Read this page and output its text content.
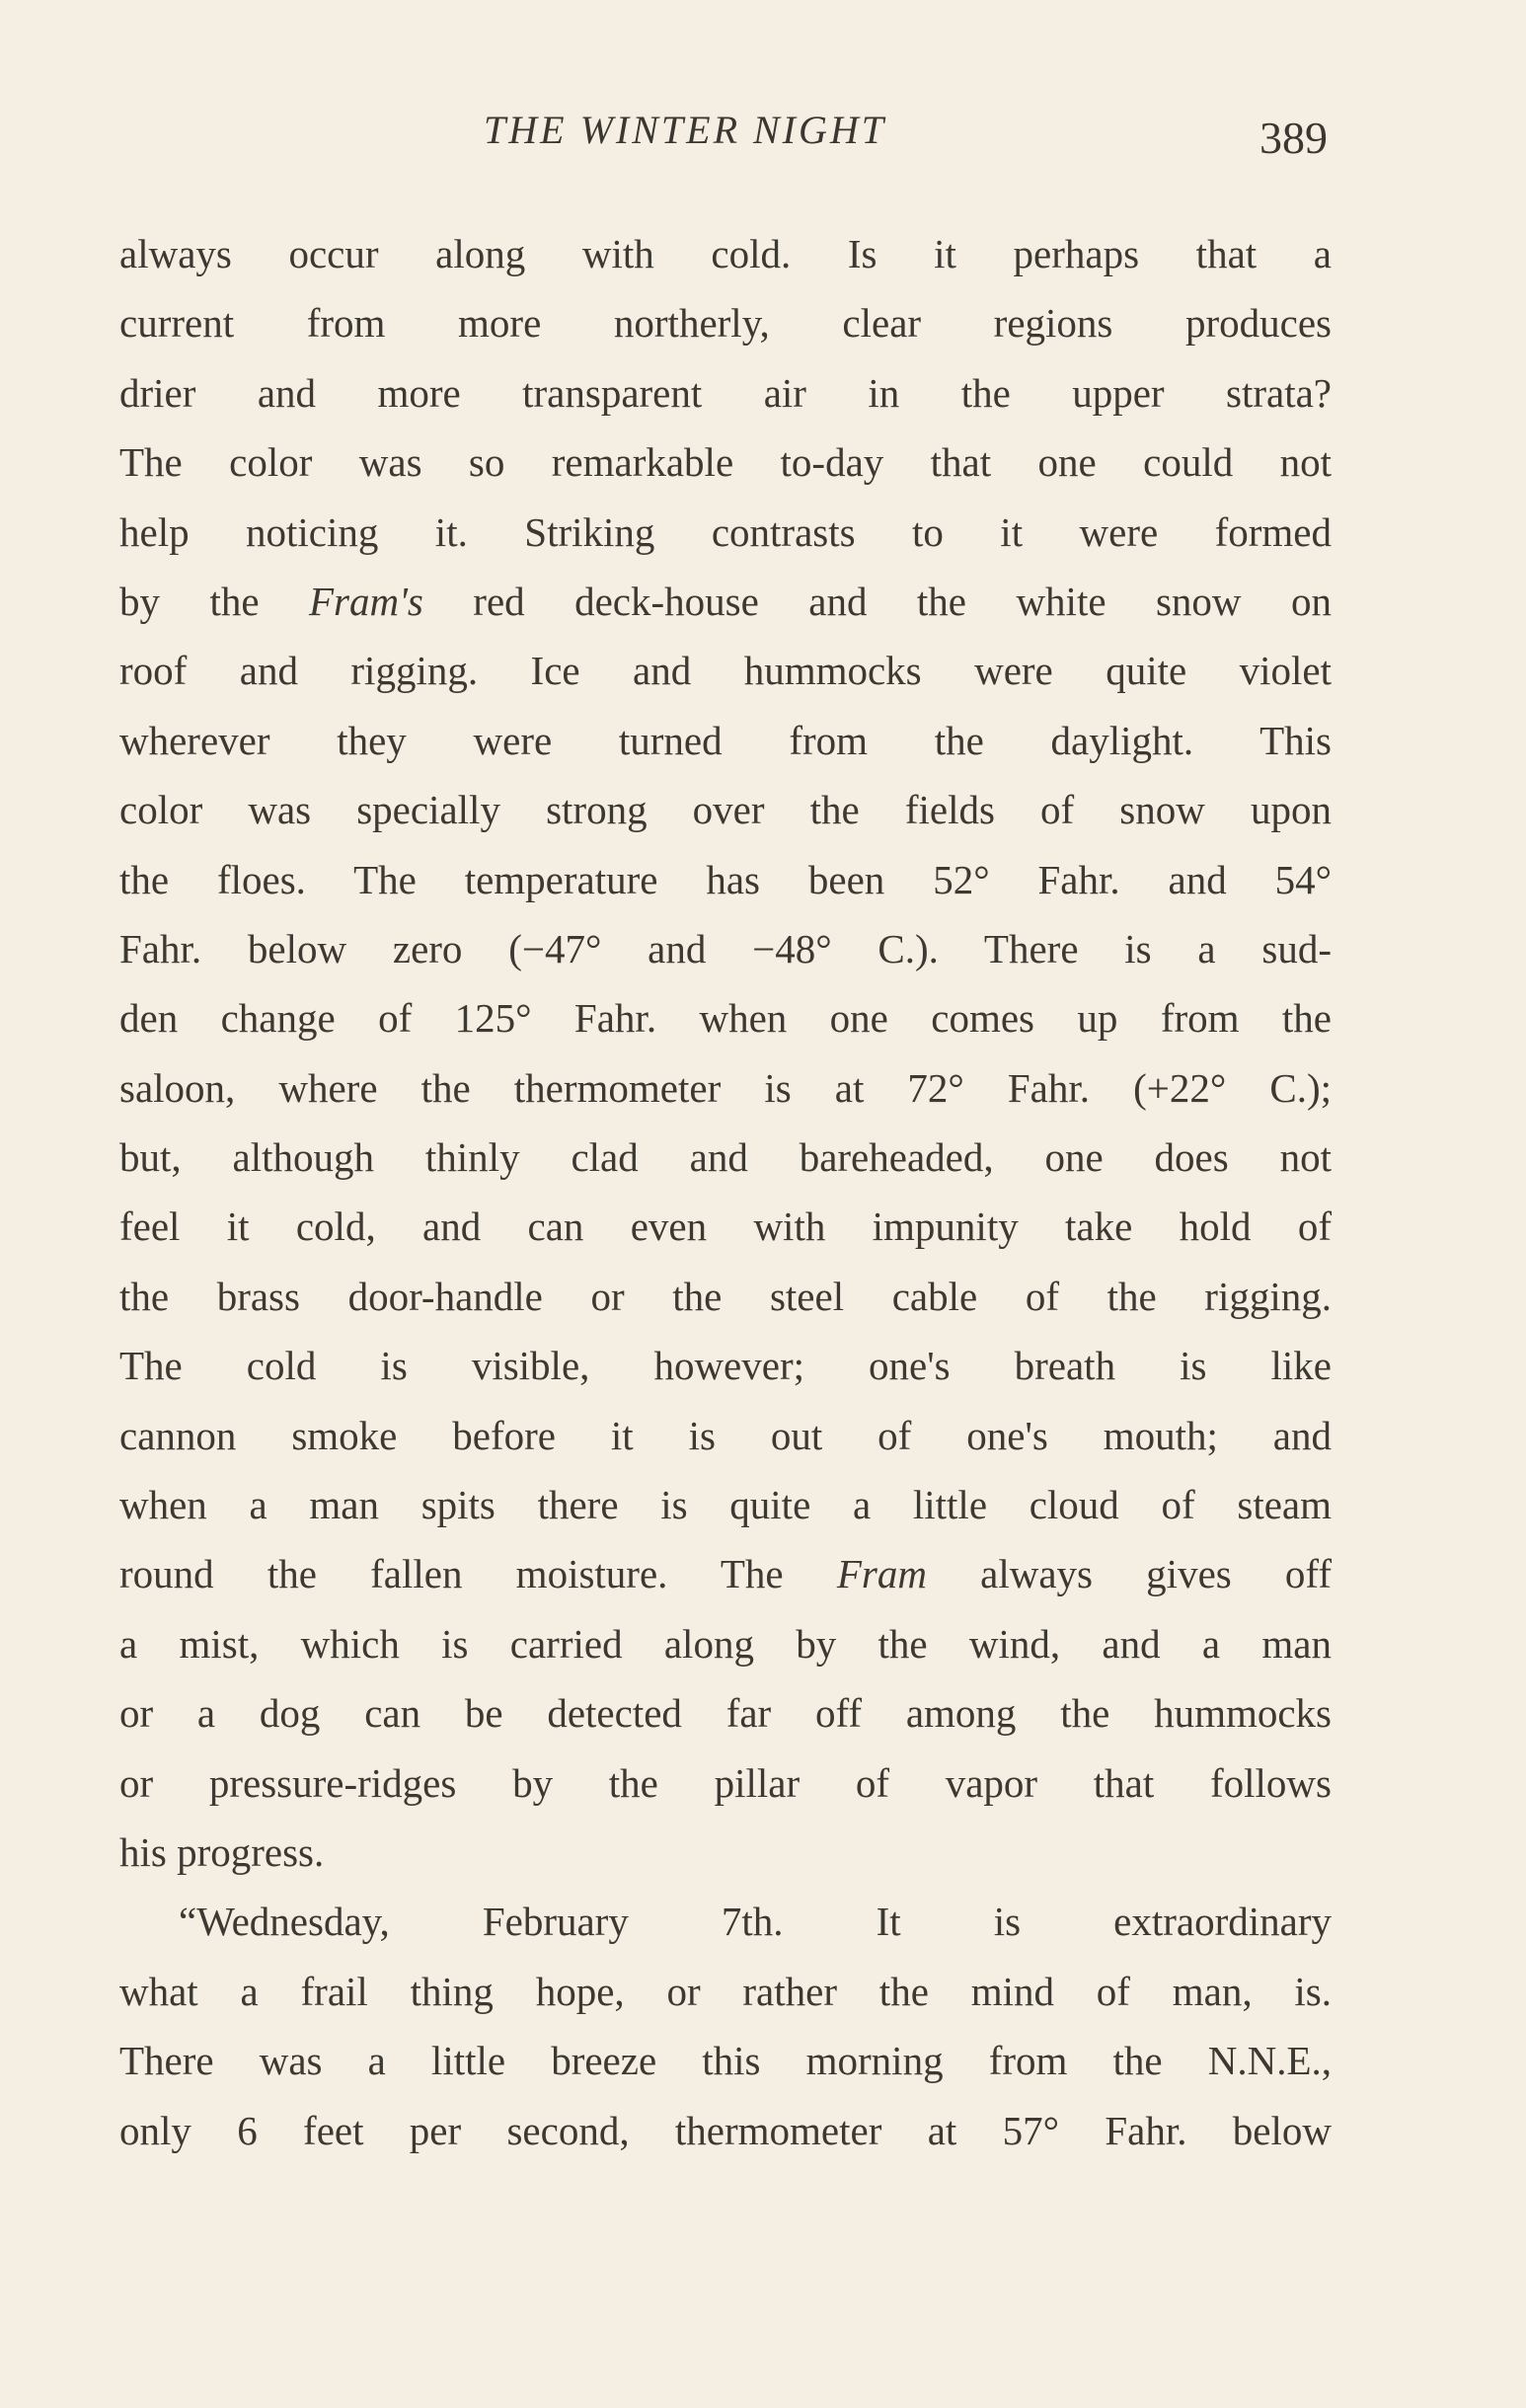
THE WINTER NIGHT	389
always occur along with cold. Is it perhaps that a
current from more northerly, clear regions produces
drier and more transparent air in the upper strata?
The color was so remarkable to-day that one could not
help noticing it. Striking contrasts to it were formed
by the Fram's red deck-house and the white snow on
roof and rigging. Ice and hummocks were quite violet
wherever they were turned from the daylight. This
color was specially strong over the fields of snow upon
the floes. The temperature has been 52° Fahr. and 54°
Fahr. below zero (−47° and −48° C.). There is a sud-
den change of 125° Fahr. when one comes up from the
saloon, where the thermometer is at 72° Fahr. (+22° C.);
but, although thinly clad and bareheaded, one does not
feel it cold, and can even with impunity take hold of
the brass door-handle or the steel cable of the rigging.
The cold is visible, however; one's breath is like
cannon smoke before it is out of one's mouth; and
when a man spits there is quite a little cloud of steam
round the fallen moisture. The Fram always gives off
a mist, which is carried along by the wind, and a man
or a dog can be detected far off among the hummocks
or pressure-ridges by the pillar of vapor that follows
his progress.
“Wednesday, February 7th. It is extraordinary
what a frail thing hope, or rather the mind of man, is.
There was a little breeze this morning from the N.N.E.,
only 6 feet per second, thermometer at 57° Fahr. below
